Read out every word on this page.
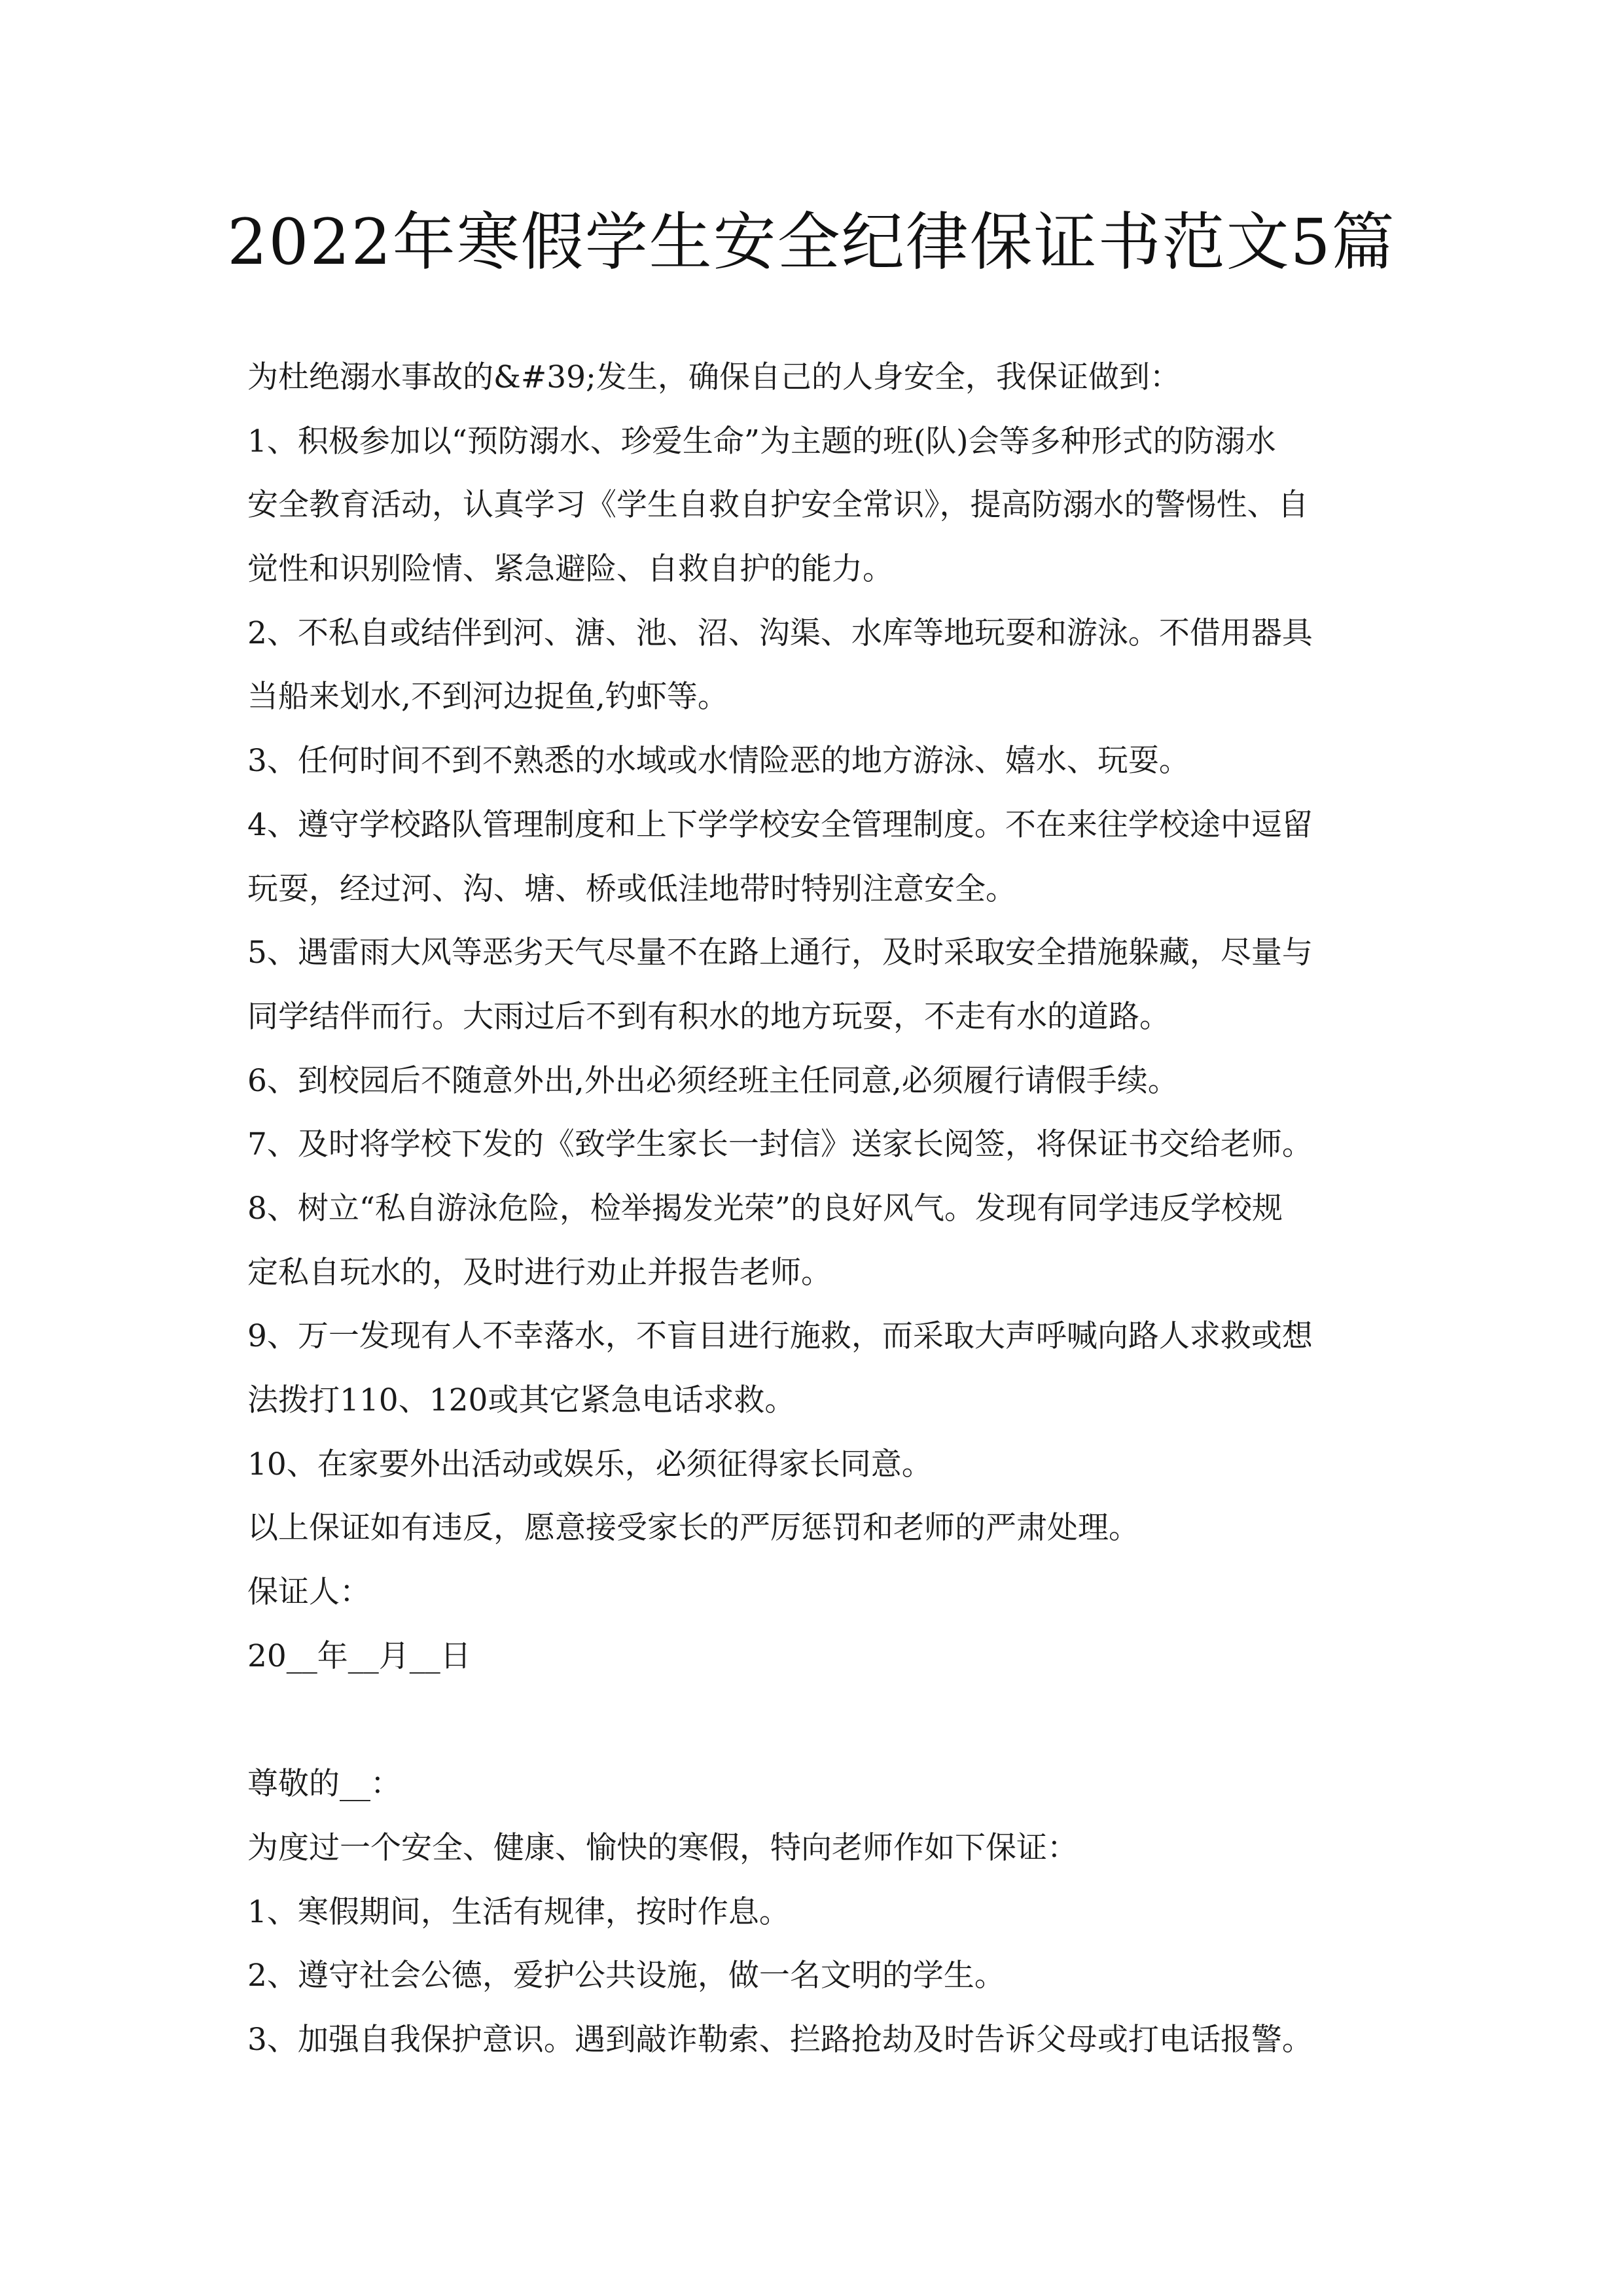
2022年寒假学生安全纪律保证书范文5篇
为杜绝溺水事故的&#39;发生，确保自己的人身安全，我保证做到：
1、积极参加以“预防溺水、珍爱生命”为主题的班(队)会等多种形式的防溺水
安全教育活动，认真学习《学生自救自护安全常识》，提高防溺水的警惕性、自
觉性和识别险情、紧急避险、自救自护的能力。
2、不私自或结伴到河、溏、池、沼、沟渠、水库等地玩耍和游泳。不借用器具
当船来划水,不到河边捉鱼,钓虾等。
3、任何时间不到不熟悉的水域或水情险恶的地方游泳、嬉水、玩耍。
4、遵守学校路队管理制度和上下学学校安全管理制度。不在来往学校途中逗留
玩耍，经过河、沟、塘、桥或低洼地带时特别注意安全。
5、遇雷雨大风等恶劣天气尽量不在路上通行，及时采取安全措施躲藏，尽量与
同学结伴而行。大雨过后不到有积水的地方玩耍，不走有水的道路。
6、到校园后不随意外出,外出必须经班主任同意,必须履行请假手续。
7、及时将学校下发的《致学生家长一封信》送家长阅签，将保证书交给老师。
8、树立“私自游泳危险，检举揭发光荣”的良好风气。发现有同学违反学校规
定私自玩水的，及时进行劝止并报告老师。
9、万一发现有人不幸落水，不盲目进行施救，而采取大声呼喊向路人求救或想
法拨打110、120或其它紧急电话求救。
10、在家要外出活动或娱乐，必须征得家长同意。
以上保证如有违反，愿意接受家长的严厉惩罚和老师的严肃处理。
保证人：
20__年__月__日
尊敬的__：
为度过一个安全、健康、愉快的寒假，特向老师作如下保证：
1、寒假期间，生活有规律，按时作息。
2、遵守社会公德，爱护公共设施，做一名文明的学生。
3、加强自我保护意识。遇到敲诈勒索、拦路抢劫及时告诉父母或打电话报警。
